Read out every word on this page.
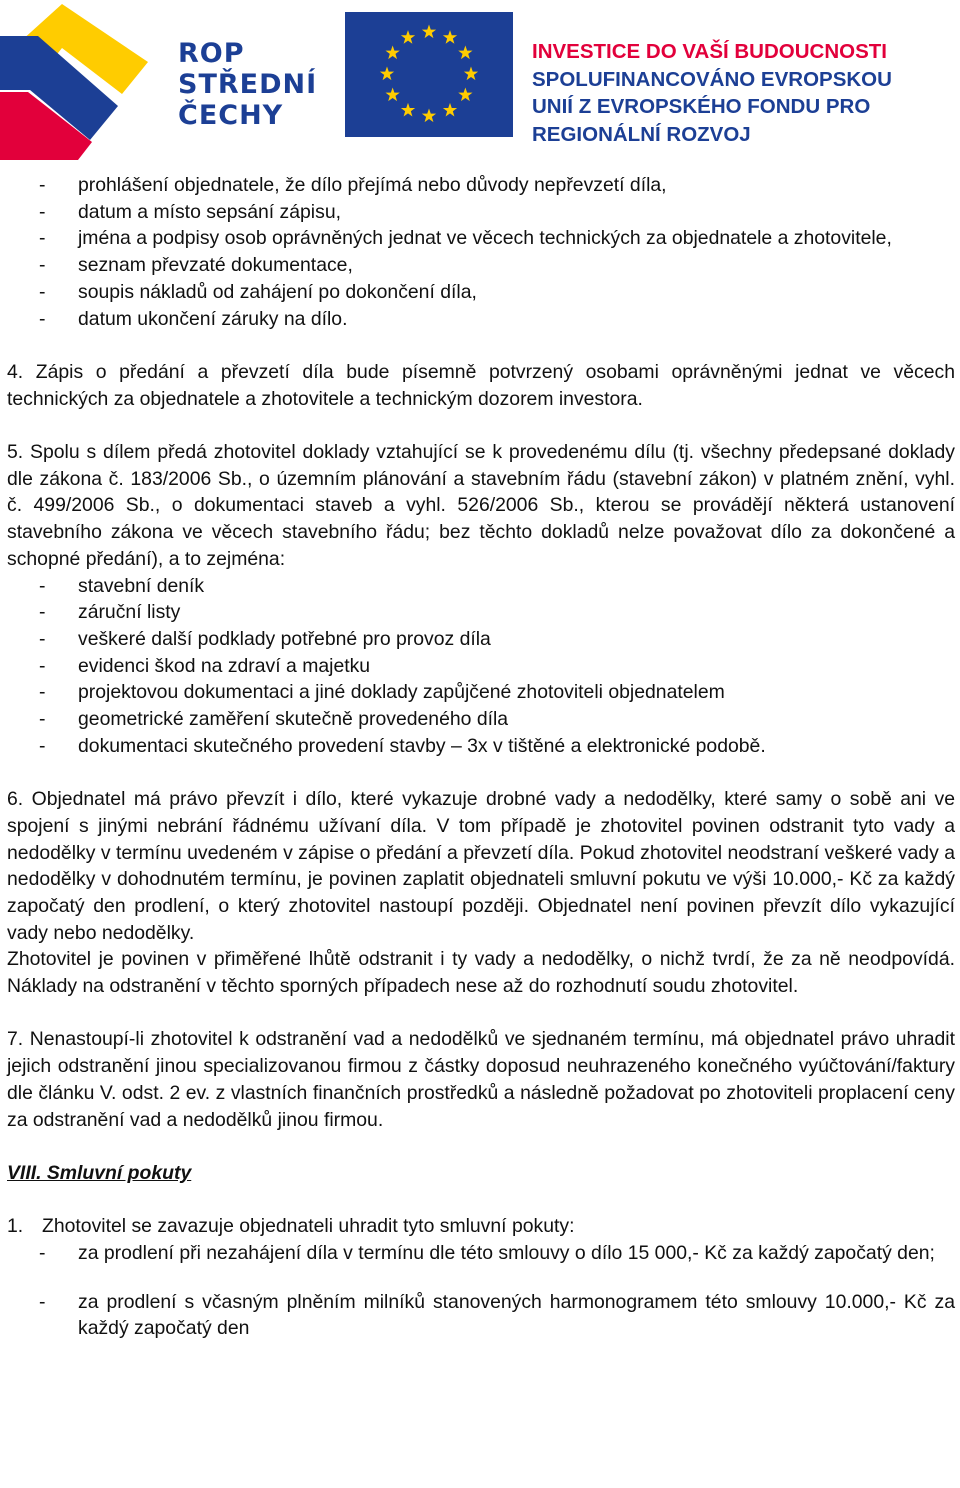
ROP
STŘEDNÍ
ČECHY
INVESTICE DO VAŠÍ BUDOUCNOSTI
SPOLUFINANCOVÁNO EVROPSKOU
UNIÍ Z EVROPSKÉHO FONDU PRO
REGIONÁLNÍ ROZVOJ
- prohlášení objednatele, že dílo přejímá nebo důvody nepřevzetí díla,
- datum a místo sepsání zápisu,
-	jména a podpisy osob oprávněných jednat ve věcech technických za objednatele a zhotovitele,
- seznam převzaté dokumentace,
- soupis nákladů od zahájení po dokončení díla,
- datum ukončení záruky na dílo.

4. Zápis o předání a převzetí díla bude písemně potvrzený osobami oprávněnými jednat ve věcech technických za objednatele a zhotovitele a technickým dozorem investora.

5. Spolu s dílem předá zhotovitel doklady vztahující se k provedenému dílu (tj. všechny předepsané doklady dle zákona č. 183/2006 Sb., o územním plánování a stavebním řádu (stavební zákon) v platném znění, vyhl. č. 499/2006 Sb., o dokumentaci staveb a vyhl. 526/2006 Sb., kterou se provádějí některá ustanovení stavebního zákona ve věcech stavebního řádu; bez těchto dokladů nelze považovat dílo za dokončené a schopné předání), a to zejména:

- stavební deník
- záruční listy
- veškeré další podklady potřebné pro provoz díla
- evidenci škod na zdraví a majetku
- projektovou dokumentaci a jiné doklady zapůjčené zhotoviteli objednatelem
- geometrické zaměření skutečně provedeného díla
- dokumentaci skutečného provedení stavby – 3x v tištěné a elektronické podobě.

6. Objednatel má právo převzít i dílo, které vykazuje drobné vady a nedodělky, které samy o sobě ani ve spojení s jinými nebrání řádnému užívaní díla. V tom případě je zhotovitel povinen odstranit tyto vady a nedodělky v termínu uvedeném v zápise o předání a převzetí díla. Pokud zhotovitel neodstraní veškeré vady a nedodělky v dohodnutém termínu, je povinen zaplatit objednateli smluvní pokutu ve výši 10.000,- Kč za každý započatý den prodlení, o který zhotovitel nastoupí později. Objednatel není povinen převzít dílo vykazující vady nebo nedodělky.

Zhotovitel je povinen v přiměřené lhůtě odstranit i ty vady a nedodělky, o nichž tvrdí, že za ně neodpovídá. Náklady na odstranění v těchto sporných případech nese až do rozhodnutí soudu zhotovitel.

7. Nenastoupí-li zhotovitel k odstranění vad a nedodělků ve sjednaném termínu, má objednatel právo uhradit jejich odstranění jinou specializovanou firmou z částky doposud neuhrazeného konečného vyúčtování/faktury dle článku V. odst. 2 ev. z vlastních finančních prostředků a následně požadovat po zhotoviteli proplacení ceny za odstranění vad a nedodělků jinou firmou.

VIII. Smluvní pokuty

1. Zhotovitel se zavazuje objednateli uhradit tyto smluvní pokuty:
- za prodlení při nezahájení díla v termínu dle této smlouvy o dílo 15 000,- Kč za každý započatý den;
- za prodlení s včasným plněním milníků stanovených harmonogramem této smlouvy 10.000,- Kč za každý započatý den
